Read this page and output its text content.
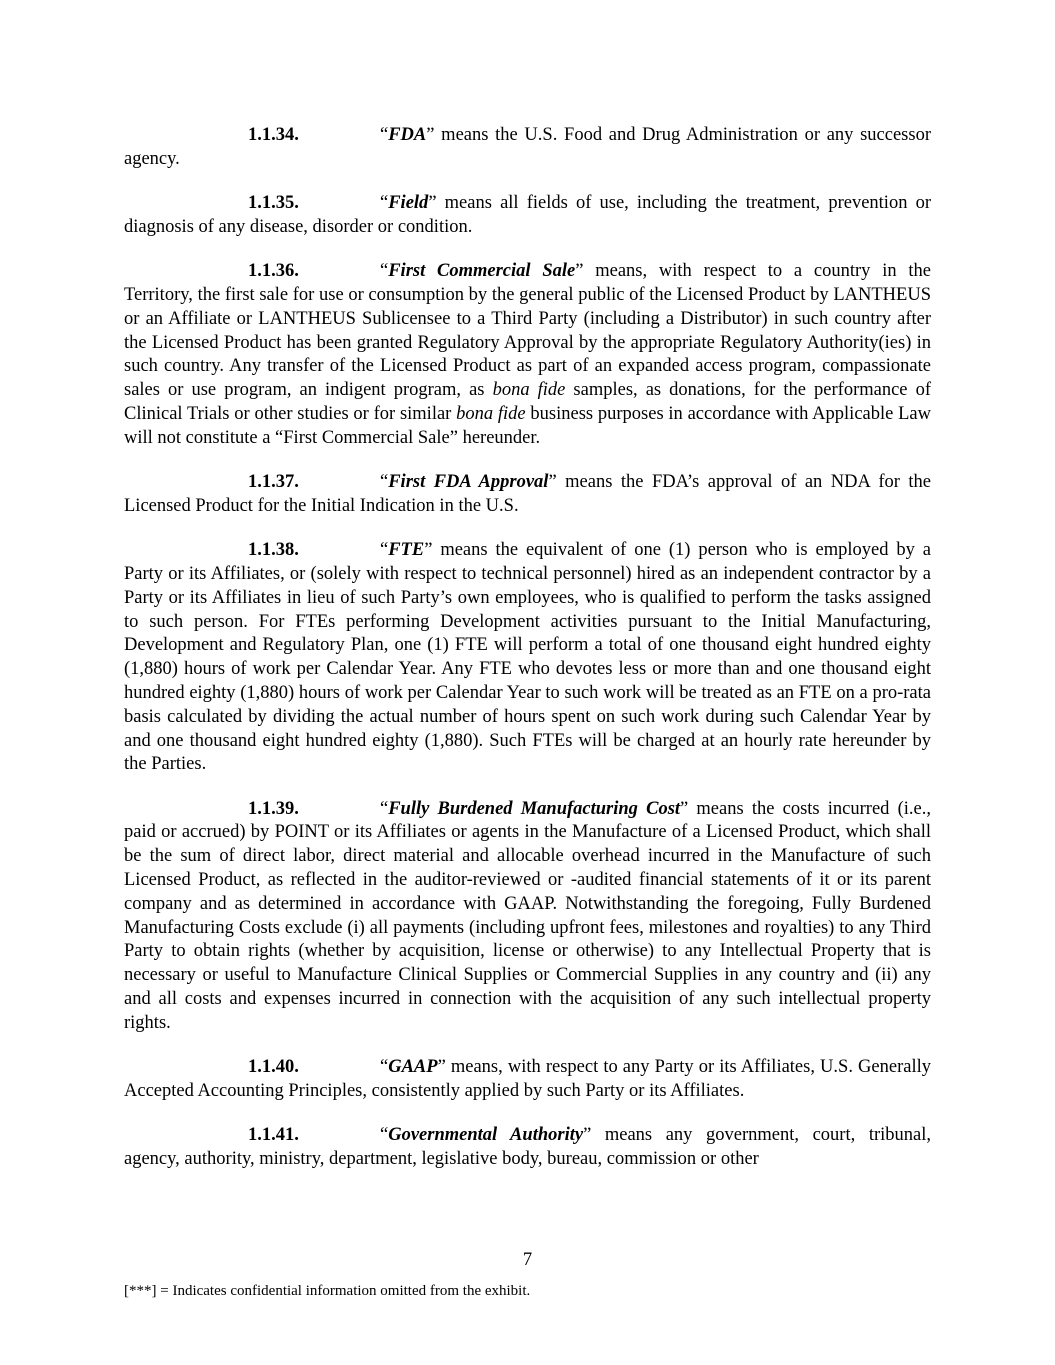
1.1.34.	“FDA” means the U.S. Food and Drug Administration or any successor agency.

1.1.35.	“Field” means all fields of use, including the treatment, prevention or diagnosis of any disease, disorder or condition.

1.1.36.	“First Commercial Sale” means, with respect to a country in the Territory, the first sale for use or consumption by the general public of the Licensed Product by LANTHEUS or an Affiliate or LANTHEUS Sublicensee to a Third Party (including a Distributor) in such country after the Licensed Product has been granted Regulatory Approval by the appropriate Regulatory Authority(ies) in such country. Any transfer of the Licensed Product as part of an expanded access program, compassionate sales or use program, an indigent program, as bona fide samples, as donations, for the performance of Clinical Trials or other studies or for similar bona fide business purposes in accordance with Applicable Law will not constitute a “First Commercial Sale” hereunder.

1.1.37.	“First FDA Approval” means the FDA’s approval of an NDA for the Licensed Product for the Initial Indication in the U.S.

1.1.38.	“FTE” means the equivalent of one (1) person who is employed by a Party or its Affiliates, or (solely with respect to technical personnel) hired as an independent contractor by a Party or its Affiliates in lieu of such Party’s own employees, who is qualified to perform the tasks assigned to such person. For FTEs performing Development activities pursuant to the Initial Manufacturing, Development and Regulatory Plan, one (1) FTE will perform a total of one thousand eight hundred eighty (1,880) hours of work per Calendar Year. Any FTE who devotes less or more than and one thousand eight hundred eighty (1,880) hours of work per Calendar Year to such work will be treated as an FTE on a pro-rata basis calculated by dividing the actual number of hours spent on such work during such Calendar Year by and one thousand eight hundred eighty (1,880). Such FTEs will be charged at an hourly rate hereunder by the Parties.

1.1.39.	“Fully Burdened Manufacturing Cost” means the costs incurred (i.e., paid or accrued) by POINT or its Affiliates or agents in the Manufacture of a Licensed Product, which shall be the sum of direct labor, direct material and allocable overhead incurred in the Manufacture of such Licensed Product, as reflected in the auditor-reviewed or -audited financial statements of it or its parent company and as determined in accordance with GAAP. Notwithstanding the foregoing, Fully Burdened Manufacturing Costs exclude (i) all payments (including upfront fees, milestones and royalties) to any Third Party to obtain rights (whether by acquisition, license or otherwise) to any Intellectual Property that is necessary or useful to Manufacture Clinical Supplies or Commercial Supplies in any country and (ii) any and all costs and expenses incurred in connection with the acquisition of any such intellectual property rights.

1.1.40.	“GAAP” means, with respect to any Party or its Affiliates, U.S. Generally Accepted Accounting Principles, consistently applied by such Party or its Affiliates.

1.1.41.	“Governmental Authority” means any government, court, tribunal, agency, authority, ministry, department, legislative body, bureau, commission or other

7
[***] = Indicates confidential information omitted from the exhibit.
